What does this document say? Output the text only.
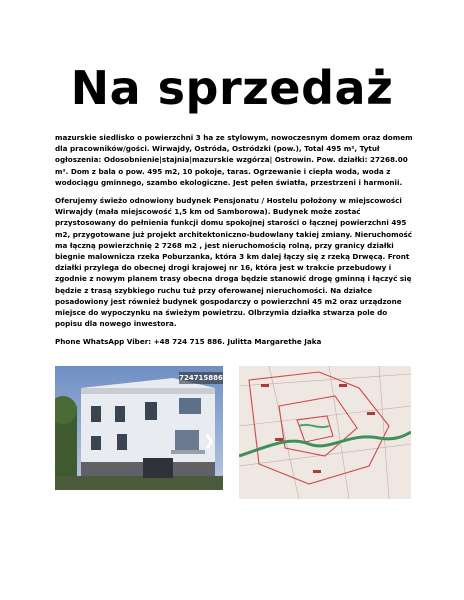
Na sprzedaż

mazurskie siedlisko o powierzchni 3 ha ze stylowym, nowoczesnym domem oraz domem dla pracowników/gości. Wirwajdy, Ostróda, Ostródzki (pow.), Total 495 m², Tytuł ogłoszenia: Odosobnienie|stajnia|mazurskie wzgórza| Ostrowin. Pow. działki: 27268.00 m². Dom z bala o pow. 495 m2, 10 pokoje, taras. Ogrzewanie i ciepła woda, woda z wodociągu gminnego, szambo ekologiczne. Jest pełen światła, przestrzeni i harmonii.

Oferujemy świeżo odnowiony budynek Pensjonatu / Hostelu położony w miejscowości Wirwajdy (mała miejscowość 1,5 km od Samborowa). Budynek może zostać przystosowany do pełnienia funkcji domu spokojnej starości o łącznej powierzchni 495 m2, przygotowane już projekt architektoniczno-budowlany takiej zmiany. Nieruchomość ma łączną powierzchnię 2 7268 m2 , jest nieruchomością rolną, przy granicy działki biegnie malownicza rzeka Poburzanka, która 3 km dalej łączy się z rzeką Drwęcą. Front działki przylega do obecnej drogi krajowej nr 16, która jest w trakcie przebudowy i zgodnie z nowym planem trasy obecna droga będzie stanowić drogę gminną i łączyć się będzie z trasą szybkiego ruchu tuż przy oferowanej nieruchomości. Na działce posadowiony jest również budynek gospodarczy o powierzchni 45 m2 oraz urządzone miejsce do wypoczynku na świeżym powietrzu. Olbrzymia działka stwarza pole do popisu dla nowego inwestora.

Phone WhatsApp Viber: +48 724 715 886. Julitta Margarethe Jaka

724715886
❯
